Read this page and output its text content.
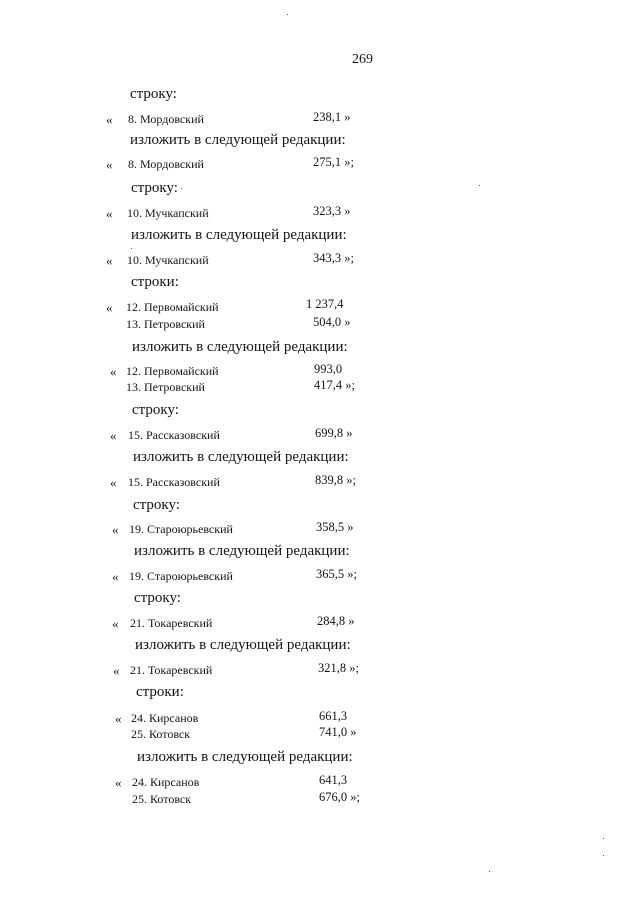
269
строку:
« 8. Мордовский	238,1 »
изложить в следующей редакции:
« 8. Мордовский	275,1 »;
строку:
« 10. Мучкапский	323,3 »
изложить в следующей редакции:
« 10. Мучкапский	343,3 »;
строки:
« 12. Первомайский	1 237,4
13. Петровский	504,0 »
изложить в следующей редакции:
« 12. Первомайский	993,0
13. Петровский	417,4 »;
строку:
« 15. Рассказовский	699,8 »
изложить в следующей редакции:
« 15. Рассказовский	839,8 »;
строку:
« 19. Староюрьевский	358,5 »
изложить в следующей редакции:
« 19. Староюрьевский	365,5 »;
строку:
« 21. Токаревский	284,8 »
изложить в следующей редакции:
« 21. Токаревский	321,8 »;
строки:
« 24. Кирсанов	661,3
25. Котовск	741,0 »
изложить в следующей редакции:
« 24. Кирсанов	641,3
25. Котовск	676,0 »;
